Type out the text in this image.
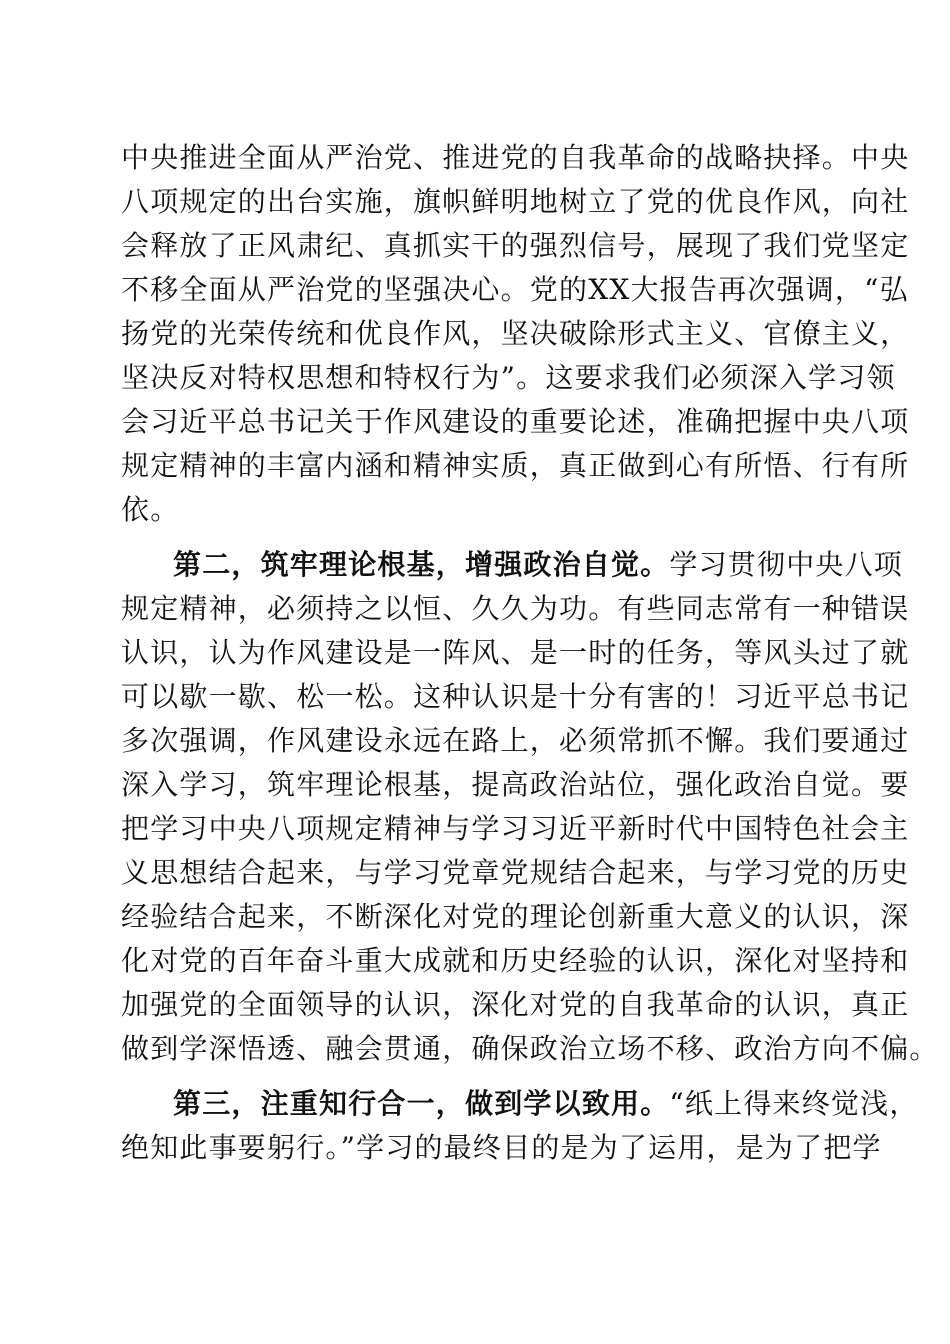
中央推进全面从严治党、推进党的自我革命的战略抉择。中央
八项规定的出台实施，旗帜鲜明地树立了党的优良作风，向社
会释放了正风肃纪、真抓实干的强烈信号，展现了我们党坚定
不移全面从严治党的坚强决心。党的XX大报告再次强调，“弘
扬党的光荣传统和优良作风，坚决破除形式主义、官僚主义，
坚决反对特权思想和特权行为”。这要求我们必须深入学习领
会习近平总书记关于作风建设的重要论述，准确把握中央八项
规定精神的丰富内涵和精神实质，真正做到心有所悟、行有所
依。
第二，筑牢理论根基，增强政治自觉。学习贯彻中央八项
规定精神，必须持之以恒、久久为功。有些同志常有一种错误
认识，认为作风建设是一阵风、是一时的任务，等风头过了就
可以歇一歇、松一松。这种认识是十分有害的！习近平总书记
多次强调，作风建设永远在路上，必须常抓不懈。我们要通过
深入学习，筑牢理论根基，提高政治站位，强化政治自觉。要
把学习中央八项规定精神与学习习近平新时代中国特色社会主
义思想结合起来，与学习党章党规结合起来，与学习党的历史
经验结合起来，不断深化对党的理论创新重大意义的认识，深
化对党的百年奋斗重大成就和历史经验的认识，深化对坚持和
加强党的全面领导的认识，深化对党的自我革命的认识，真正
做到学深悟透、融会贯通，确保政治立场不移、政治方向不偏。
第三，注重知行合一，做到学以致用。“纸上得来终觉浅，
绝知此事要躬行。”学习的最终目的是为了运用，是为了把学
